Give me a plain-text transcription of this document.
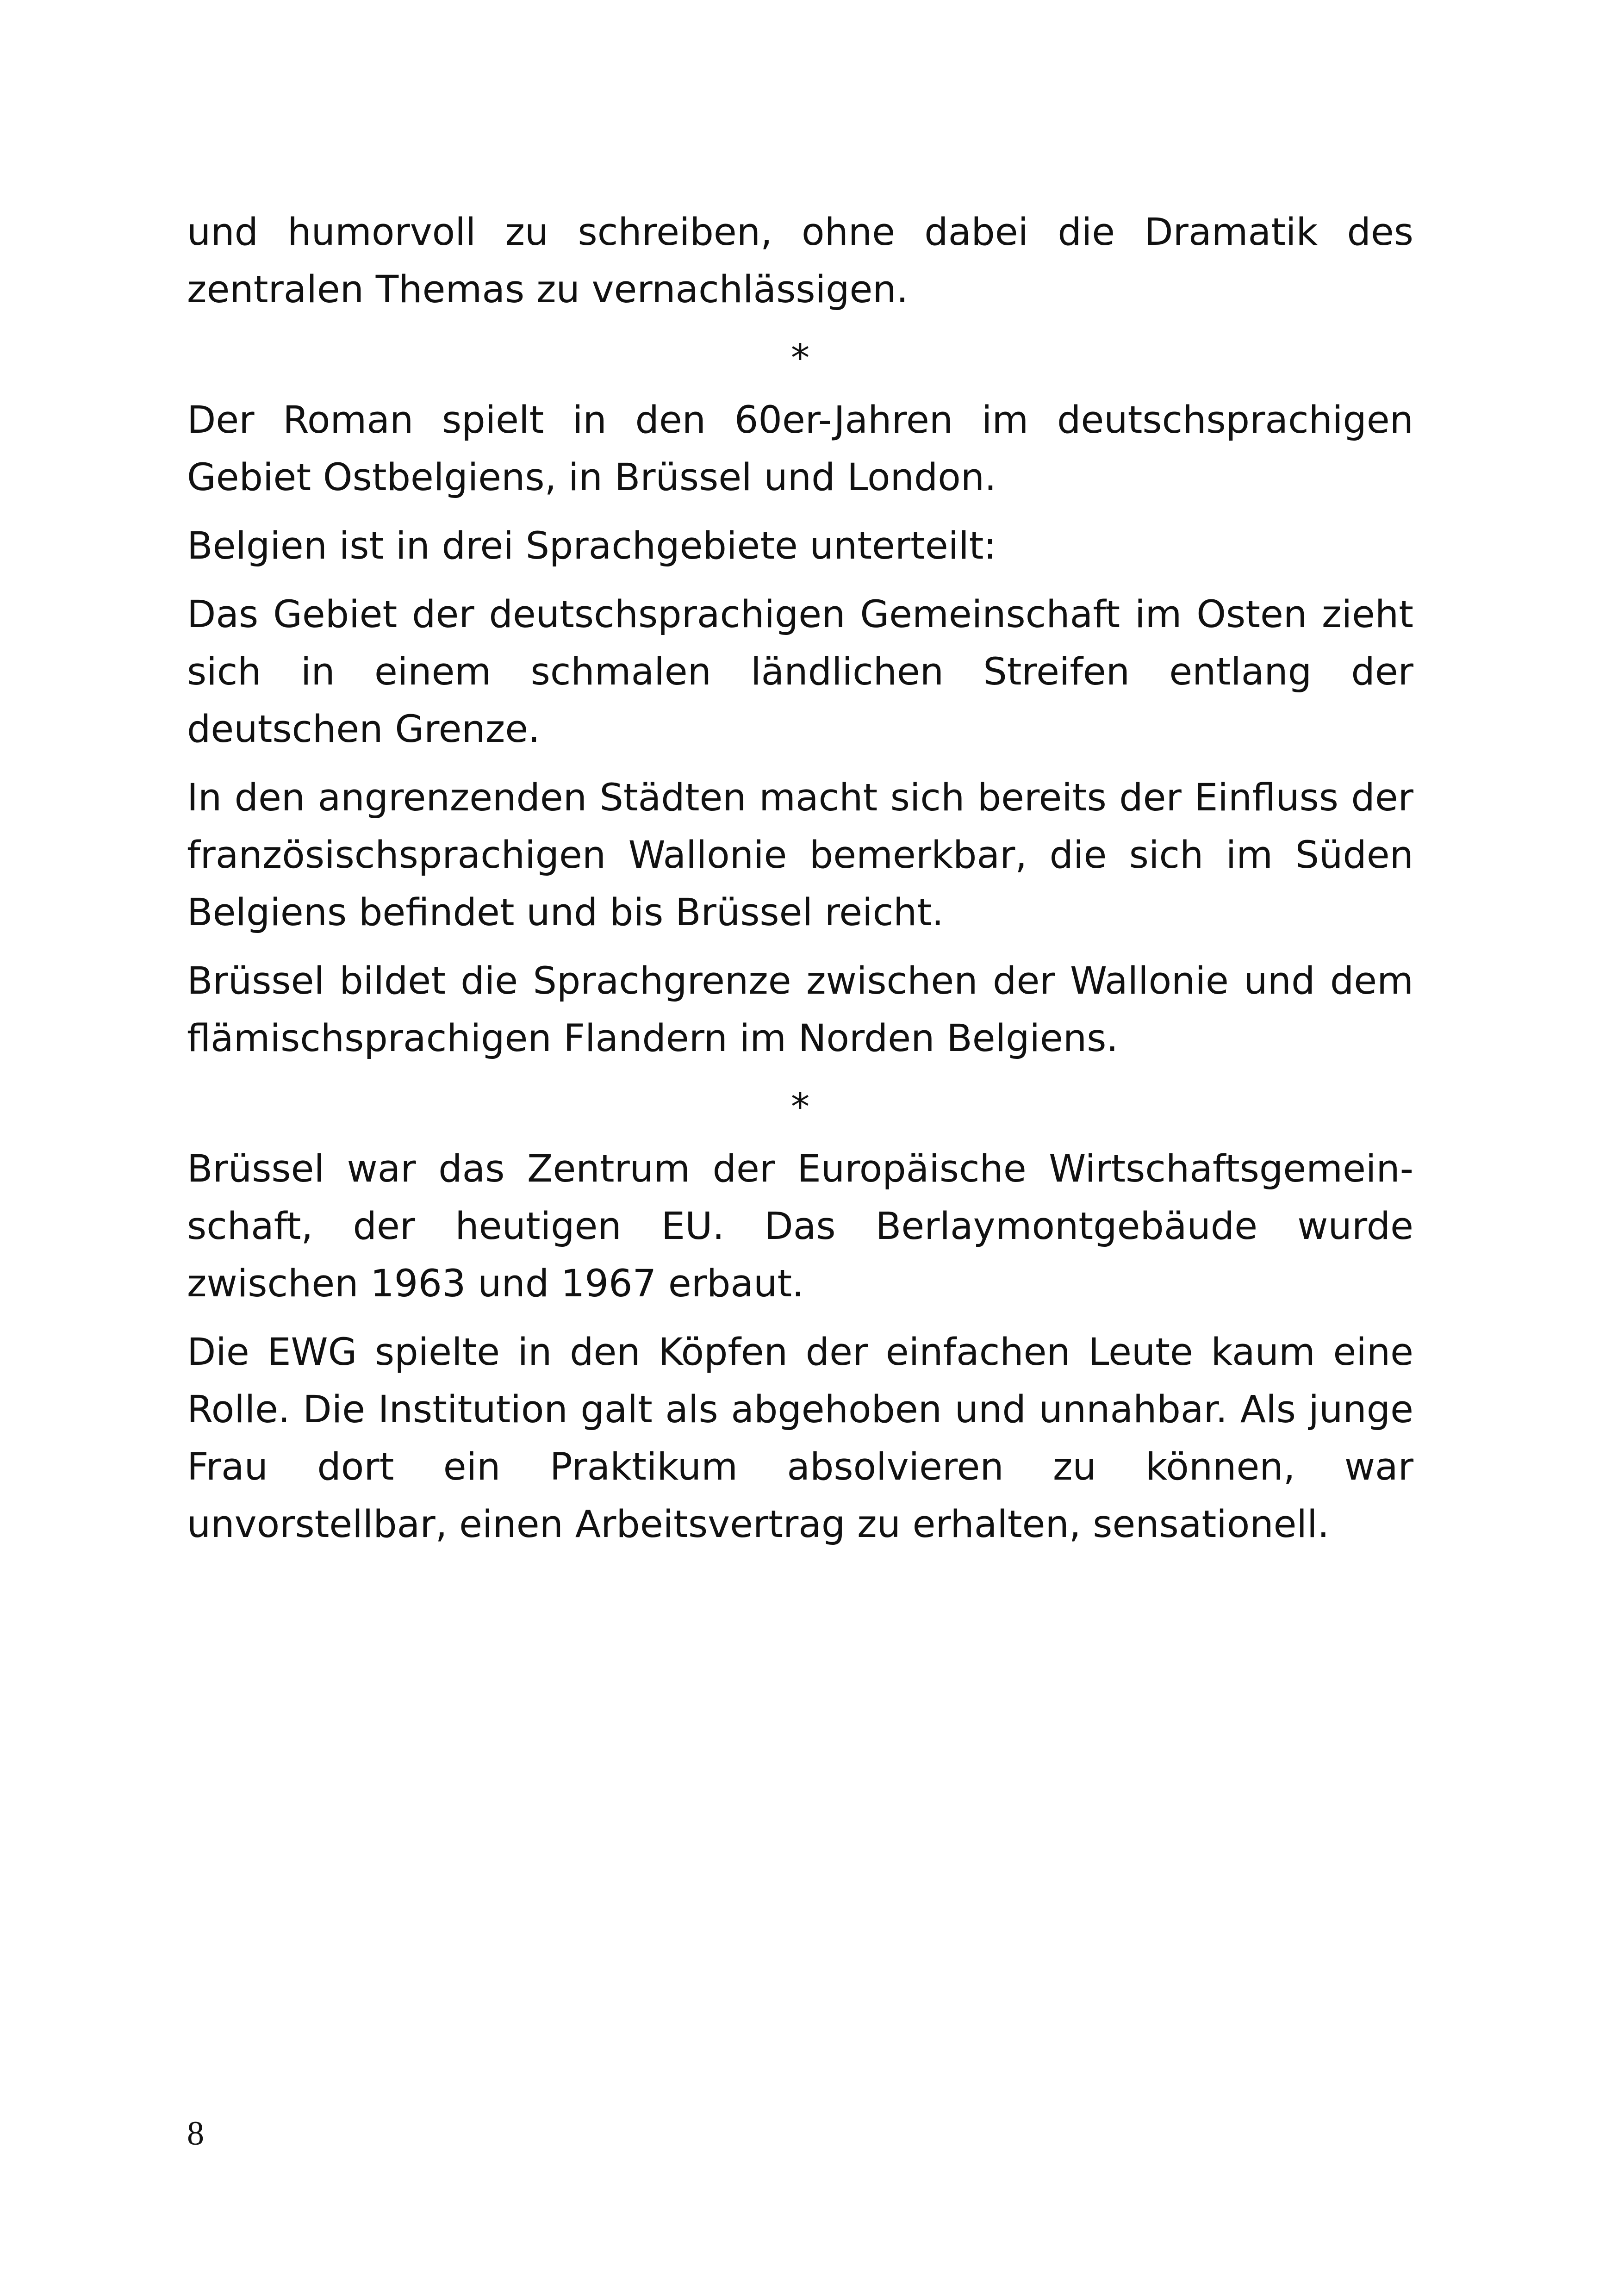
und humorvoll zu schreiben, ohne dabei die Dramatik des zentralen Themas zu vernachlässigen.

*

Der Roman spielt in den 60er-Jahren im deutschsprachigen Gebiet Ostbelgiens, in Brüssel und London.

Belgien ist in drei Sprachgebiete unterteilt:

Das Gebiet der deutschsprachigen Gemeinschaft im Osten zieht sich in einem schmalen ländlichen Streifen entlang der deutschen Grenze.

In den angrenzenden Städten macht sich bereits der Einfluss der französischsprachigen Wallonie bemerkbar, die sich im Süden Belgiens befindet und bis Brüssel reicht.

Brüssel bildet die Sprachgrenze zwischen der Wallonie und dem flämischsprachigen Flandern im Norden Belgiens.

*

Brüssel war das Zentrum der Europäische Wirtschaftsgemeinschaft, der heutigen EU. Das Berlaymontgebäude wurde zwischen 1963 und 1967 erbaut.

Die EWG spielte in den Köpfen der einfachen Leute kaum eine Rolle. Die Institution galt als abgehoben und unnahbar. Als junge Frau dort ein Praktikum absolvieren zu können, war unvorstellbar, einen Arbeitsvertrag zu erhalten, sensationell.

8
